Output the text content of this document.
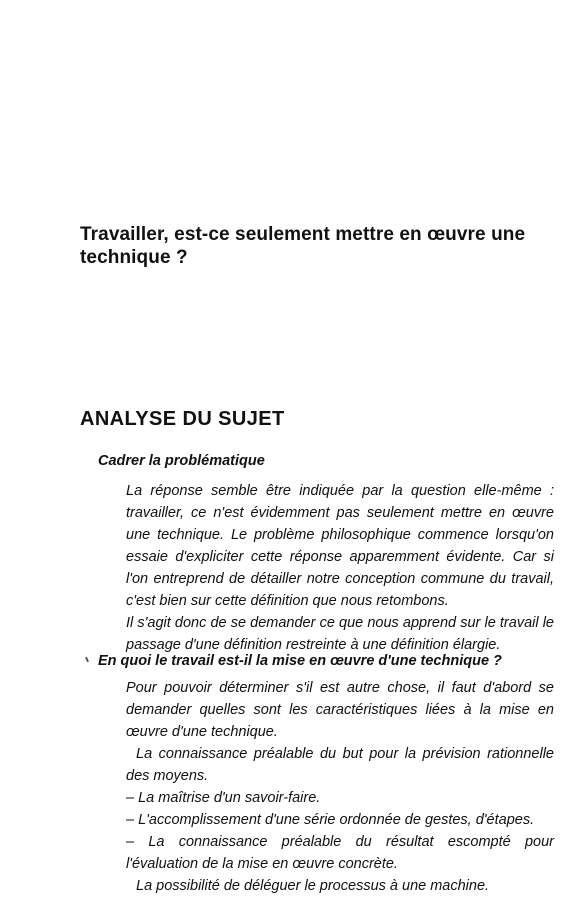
Travailler, est-ce seulement mettre en œuvre une technique ?
ANALYSE DU SUJET
Cadrer la problématique

La réponse semble être indiquée par la question elle-même : travailler, ce n'est évidemment pas seulement mettre en œuvre une technique. Le problème philosophique commence lorsqu'on essaie d'expliciter cette réponse apparemment évidente. Car si l'on entreprend de détailler notre conception commune du travail, c'est bien sur cette définition que nous retombons.

Il s'agit donc de se demander ce que nous apprend sur le travail le passage d'une définition restreinte à une définition élargie.

En quoi le travail est-il la mise en œuvre d'une technique ?

Pour pouvoir déterminer s'il est autre chose, il faut d'abord se demander quelles sont les caractéristiques liées à la mise en œuvre d'une technique.

La connaissance préalable du but pour la prévision rationnelle des moyens.

– La maîtrise d'un savoir-faire.

– L'accomplissement d'une série ordonnée de gestes, d'étapes.

– La connaissance préalable du résultat escompté pour l'évaluation de la mise en œuvre concrète.

La possibilité de déléguer le processus à une machine.
